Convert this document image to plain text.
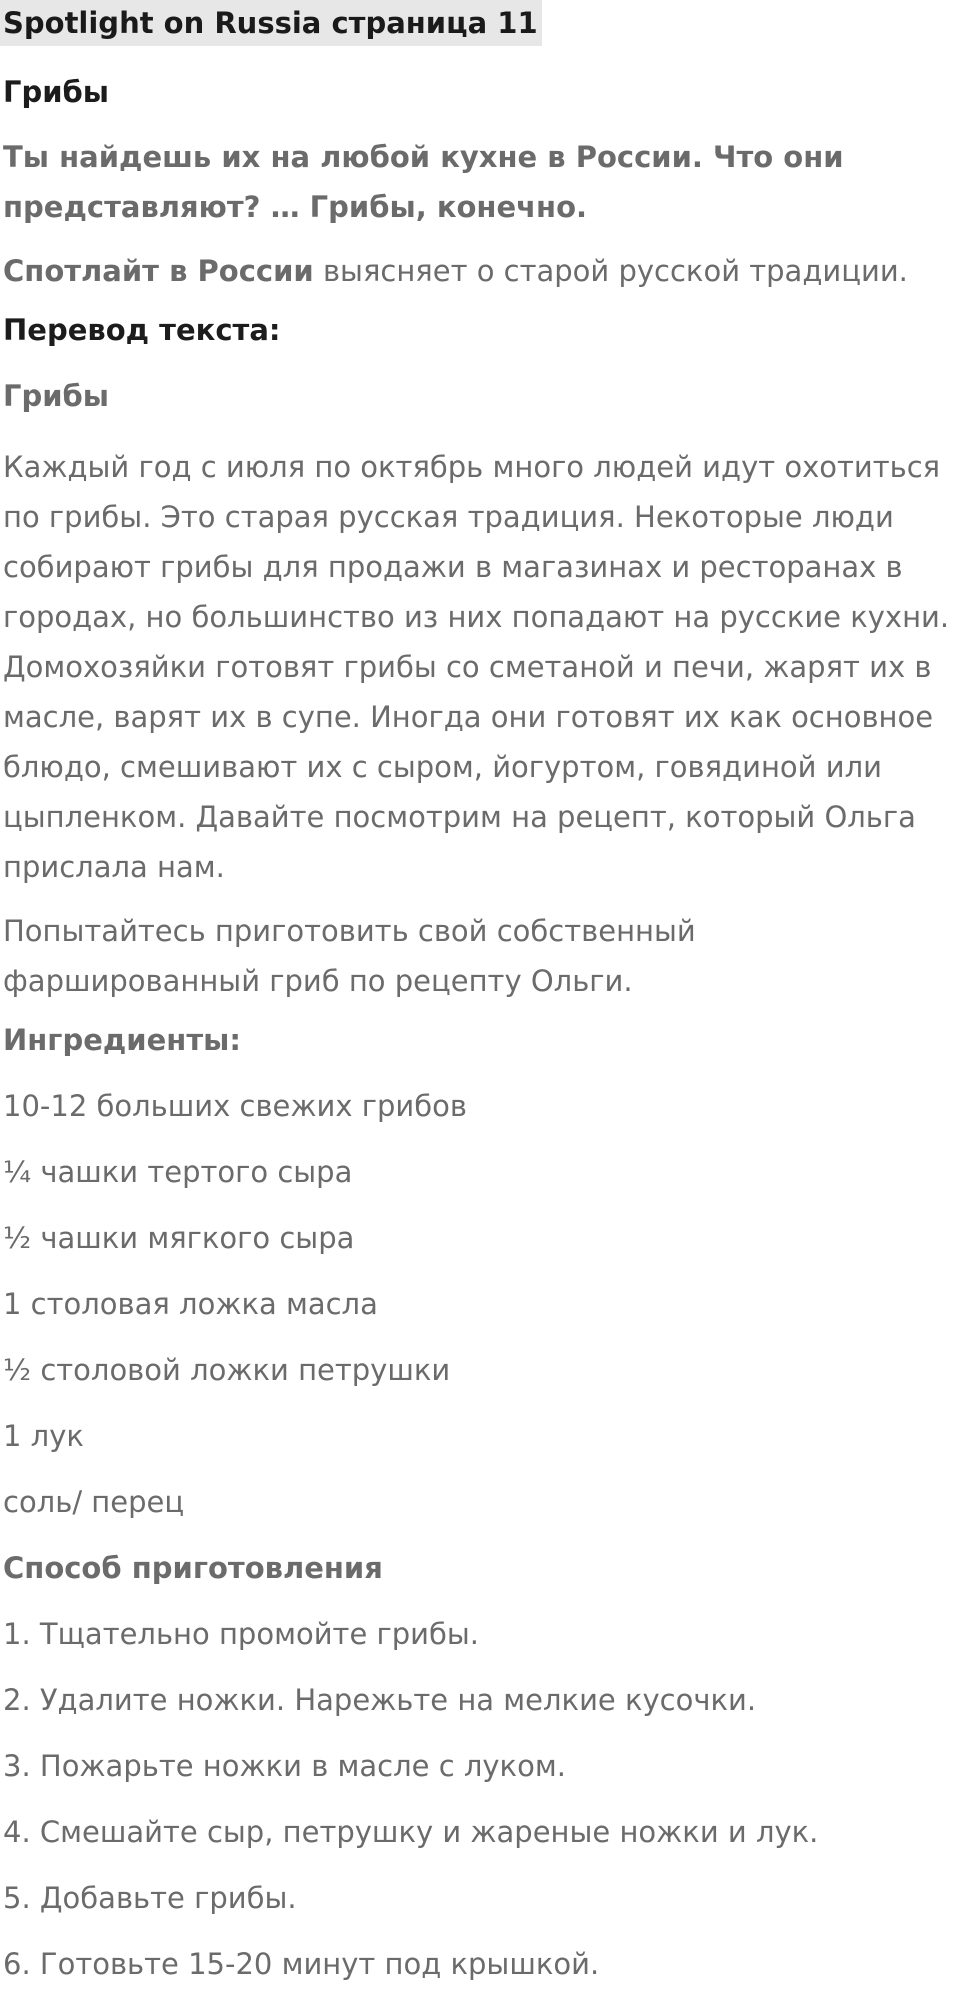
Spotlight on Russia страница 11
Грибы

Ты найдешь их на любой кухне в России. Что они представляют? … Грибы, конечно.

Спотлайт в России выясняет о старой русской традиции.

Перевод текста:
Грибы

Каждый год с июля по октябрь много людей идут охотиться по грибы. Это старая русская традиция. Некоторые люди собирают грибы для продажи в магазинах и ресторанах в городах, но большинство из них попадают на русские кухни. Домохозяйки готовят грибы со сметаной и печи, жарят их в масле, варят их в супе. Иногда они готовят их как основное блюдо, смешивают их с сыром, йогуртом, говядиной или цыпленком. Давайте посмотрим на рецепт, который Ольга прислала нам.

Попытайтесь приготовить свой собственный фаршированный гриб по рецепту Ольги.

Ингредиенты:

10-12 больших свежих грибов

¼ чашки тертого сыра

½ чашки мягкого сыра

1 столовая ложка масла

½ столовой ложки петрушки

1 лук

соль/ перец

Способ приготовления

1. Тщательно промойте грибы.

2. Удалите ножки. Нарежьте на мелкие кусочки.

3. Пожарьте ножки в масле с луком.

4. Смешайте сыр, петрушку и жареные ножки и лук.

5. Добавьте грибы.

6. Готовьте 15-20 минут под крышкой.
